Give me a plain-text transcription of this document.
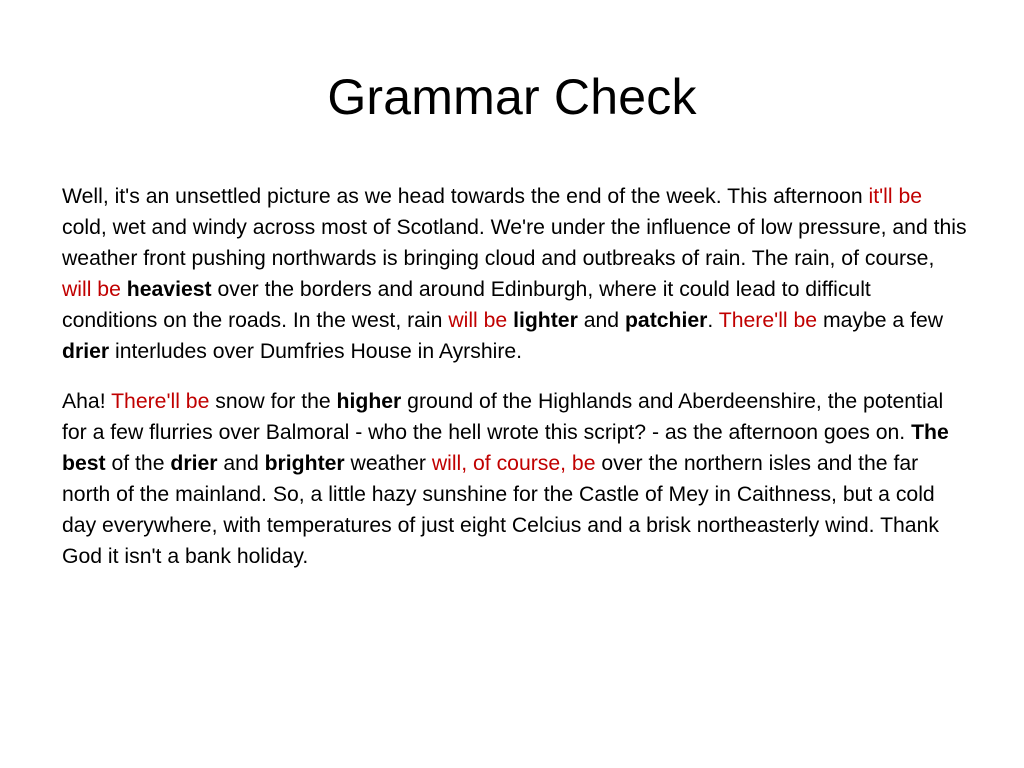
Grammar Check

Well, it's an unsettled picture as we head towards the end of the week. This afternoon it'll be cold, wet and windy across most of Scotland. We're under the influence of low pressure, and this weather front pushing northwards is bringing cloud and outbreaks of rain. The rain, of course, will be heaviest over the borders and around Edinburgh, where it could lead to difficult conditions on the roads. In the west, rain will be lighter and patchier. There'll be maybe a few drier interludes over Dumfries House in Ayrshire.

Aha! There'll be snow for the higher ground of the Highlands and Aberdeenshire, the potential for a few flurries over Balmoral - who the hell wrote this script? - as the afternoon goes on. The best of the drier and brighter weather will, of course, be over the northern isles and the far north of the mainland. So, a little hazy sunshine for the Castle of Mey in Caithness, but a cold day everywhere, with temperatures of just eight Celcius and a brisk northeasterly wind. Thank God it isn't a bank holiday.
